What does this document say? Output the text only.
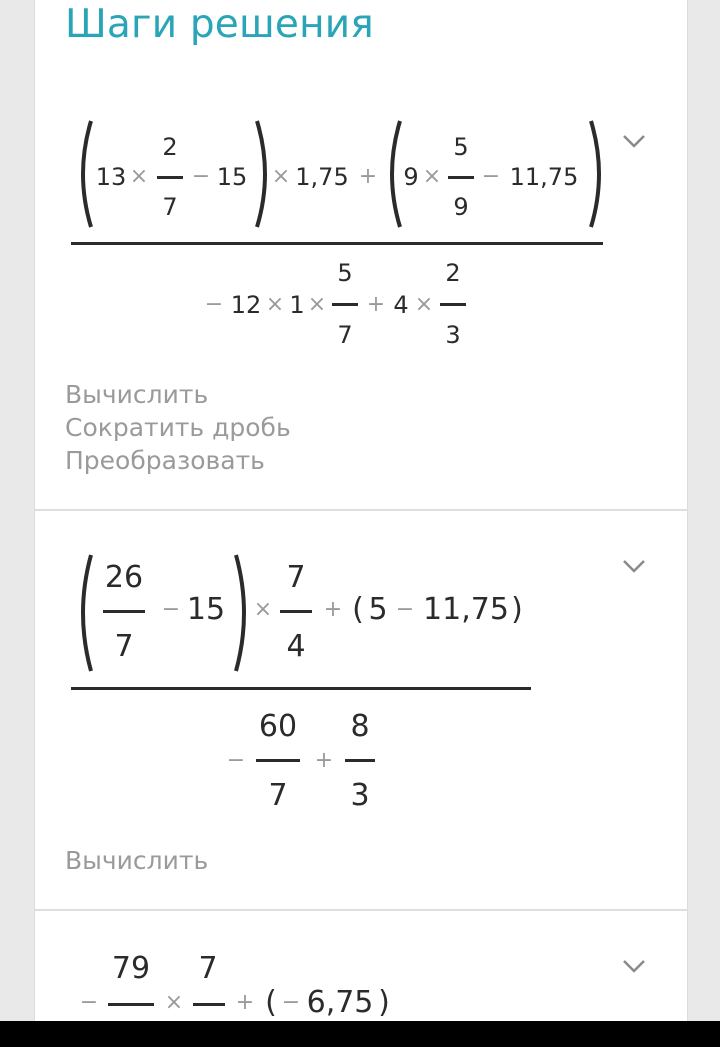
Шаги решения
13 ×
2
7
− 15 × 1,75 + 9 ×
5
9
− 11,75
− 12 × 1 ×
5
7
+ 4 ×
2
3
Вычислить
Сократить дробь
Преобразовать
26
7
− 15 ×
7
4
+ ( 5 − 11,75 )
−
60
7
+
8
3
Вычислить
−
79
×
7
+ ( − 6,75 )
